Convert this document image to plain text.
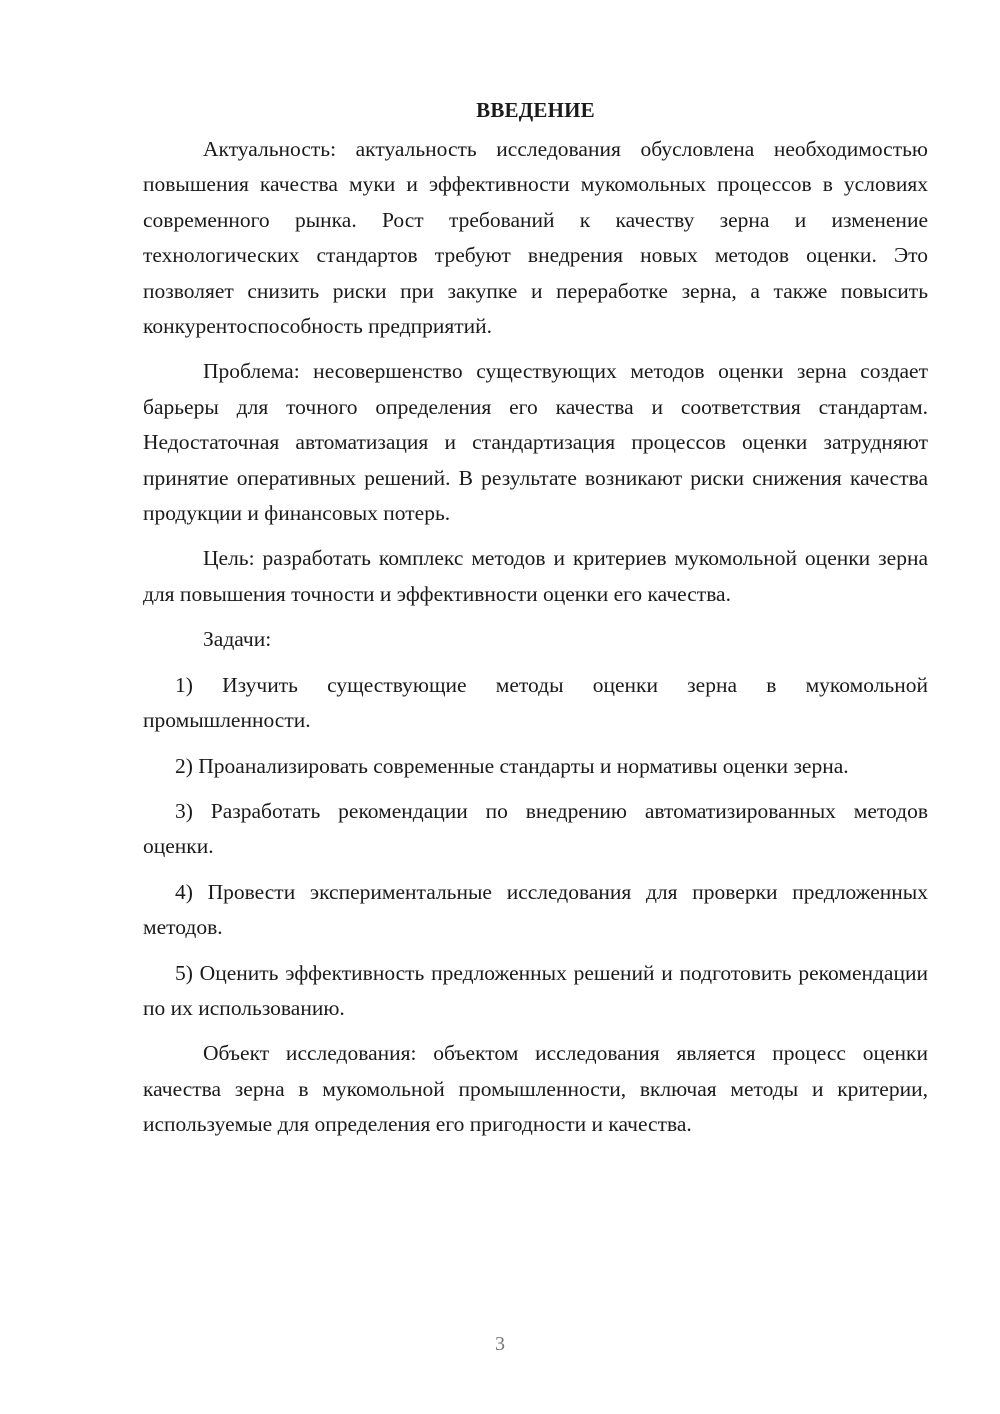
ВВЕДЕНИЕ

Актуальность: актуальность исследования обусловлена необходимостью повышения качества муки и эффективности мукомольных процессов в условиях современного рынка. Рост требований к качеству зерна и изменение технологических стандартов требуют внедрения новых методов оценки. Это позволяет снизить риски при закупке и переработке зерна, а также повысить конкурентоспособность предприятий.

Проблема: несовершенство существующих методов оценки зерна создает барьеры для точного определения его качества и соответствия стандартам. Недостаточная автоматизация и стандартизация процессов оценки затрудняют принятие оперативных решений. В результате возникают риски снижения качества продукции и финансовых потерь.

Цель: разработать комплекс методов и критериев мукомольной оценки зерна для повышения точности и эффективности оценки его качества.

Задачи:

1) Изучить существующие методы оценки зерна в мукомольной промышленности.

2) Проанализировать современные стандарты и нормативы оценки зерна.

3) Разработать рекомендации по внедрению автоматизированных методов оценки.

4) Провести экспериментальные исследования для проверки предложенных методов.

5) Оценить эффективность предложенных решений и подготовить рекомендации по их использованию.

Объект исследования: объектом исследования является процесс оценки качества зерна в мукомольной промышленности, включая методы и критерии, используемые для определения его пригодности и качества.

3
